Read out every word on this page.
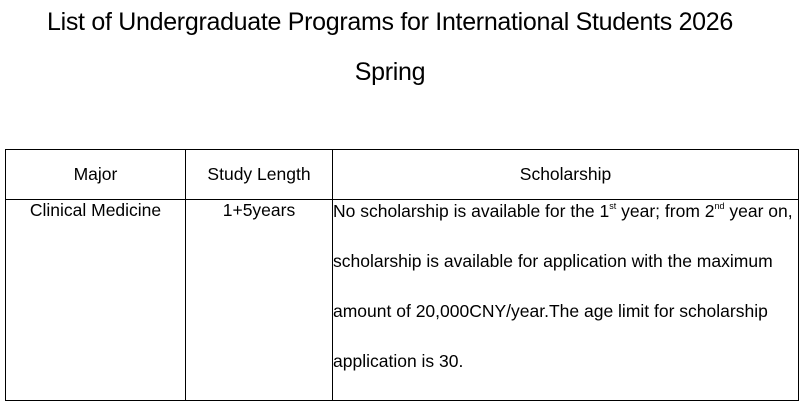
List of Undergraduate Programs for International Students 2026
Spring
Major	Study Length	Scholarship
Clinical Medicine	1+5years	No scholarship is available for the 1st year; from 2nd year on, scholarship is available for application with the maximum amount of 20,000CNY/year.The age limit for scholarship application is 30.
